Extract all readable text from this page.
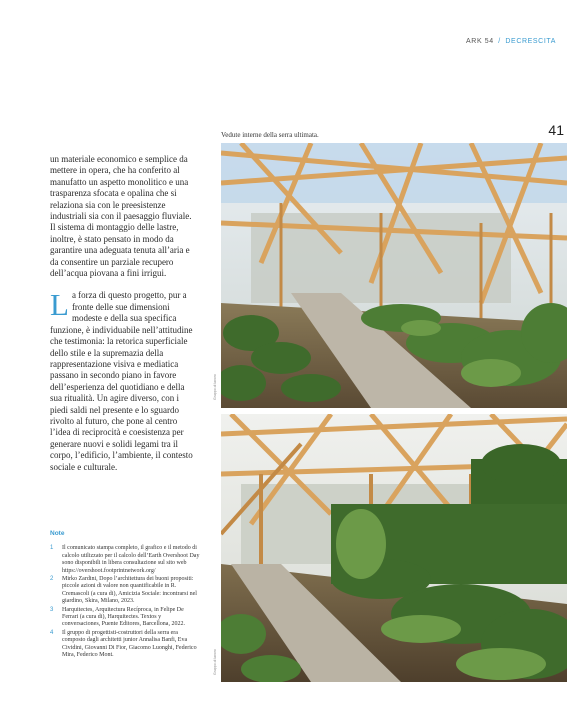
ARK 54 / DECRESCITA
Vedute interne della serra ultimata.	41

un materiale economico e semplice da mettere in opera, che ha conferito al manufatto un aspetto monolitico e una trasparenza sfocata e opalina che si relaziona sia con le preesistenze industriali sia con il paesaggio fluviale. Il sistema di montaggio delle lastre, inoltre, è stato pensato in modo da garantire una adeguata tenuta all’aria e da consentire un parziale recupero dell’acqua piovana a fini irrigui.

La forza di questo progetto, pur a fronte delle sue dimensioni modeste e della sua specifica funzione, è individuabile nell’attitudine che testimonia: la retorica superficiale dello stile e la supremazia della rappresentazione visiva e mediatica passano in secondo piano in favore dell’esperienza del quotidiano e della sua ritualità. Un agire diverso, con i piedi saldi nel presente e lo sguardo rivolto al futuro, che pone al centro l’idea di reciprocità e coesistenza per generare nuovi e solidi legami tra il corpo, l’edificio, l’ambiente, il contesto sociale e culturale.

Note
1	Il comunicato stampa completo, il grafico e il metodo di calcolo utilizzato per il calcolo dell’Earth Overshoot Day sono disponibili in libera consultazione sul sito web https://overshoot.footprintnetwork.org/
2	Mirko Zardini, Dopo l’architettura dei buoni propositi: piccole azioni di valore non quantificabile in R. Cremascoli (a cura di), Amicizia Sociale: incontrarsi nel giardino, Skira, Milano, 2023.
3	Harquitectes, Arquitectura Recíproca, in Felipe De Ferrari (a cura di), Harquitectes. Textos y conversaciones, Puente Editores, Barcellona, 2022.
4	Il gruppo di progettisti-costruttori della serra era composto dagli architetti junior Annalisa Banfi, Eva Cividini, Giovanni Di Fior, Giacomo Luonghi, Federico Mira, Federico Mont.
Gruppo di lavoro
Gruppo di lavoro
